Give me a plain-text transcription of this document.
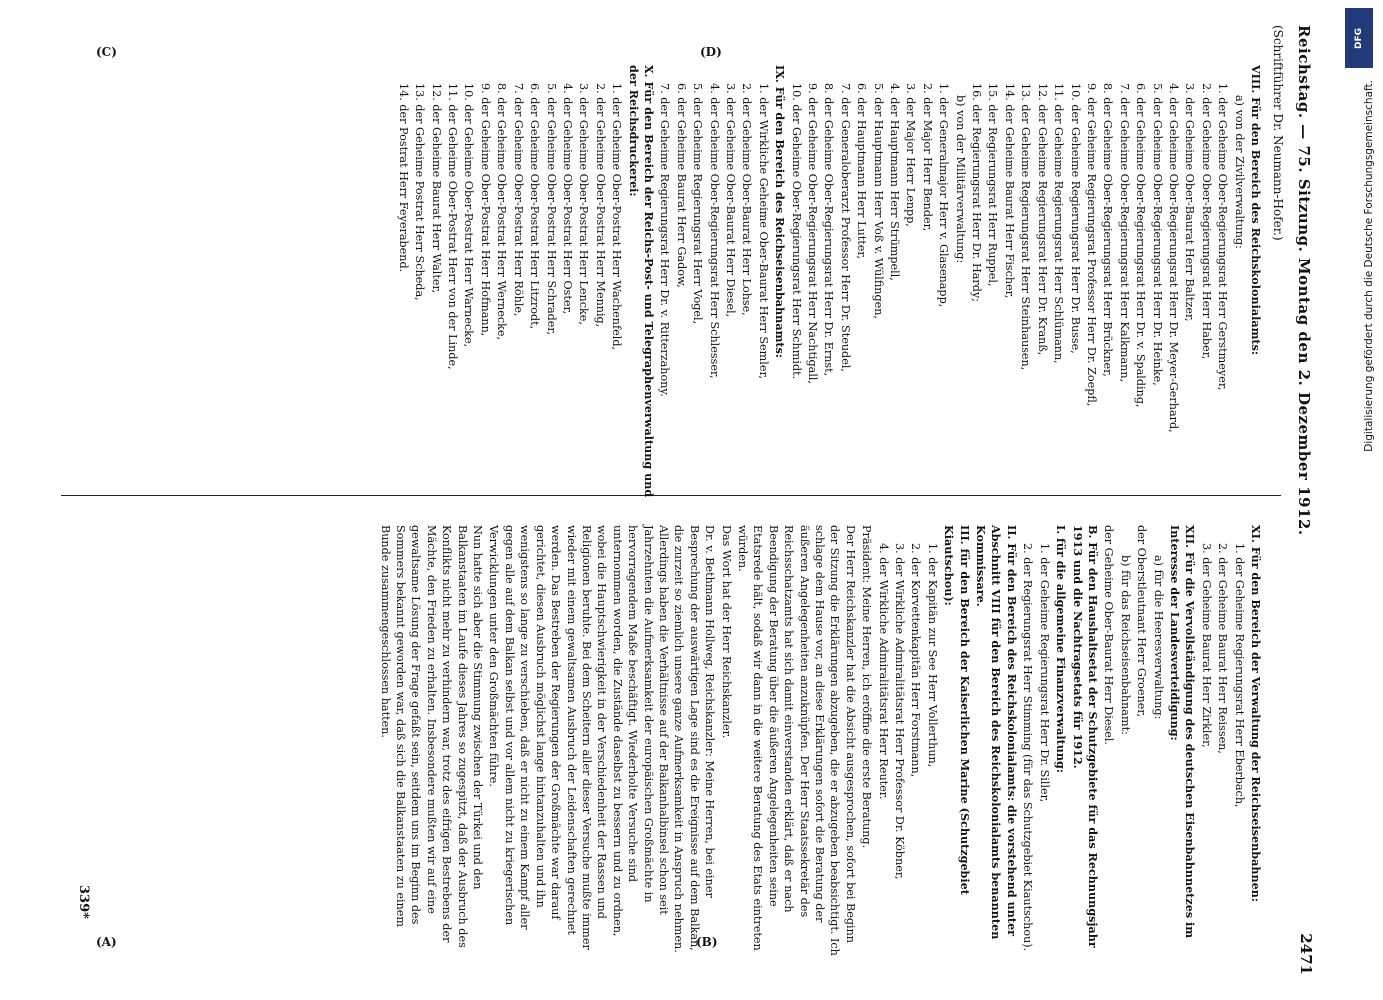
Reichstag. — 75. Sitzung. Montag den 2. Dezember 1912.
2471
(Schriftführer Dr. Neumann-Hofer.)

VIII. Für den Bereich des Reichskolonialamts:

a) von der Zivilverwaltung:

1. der Geheime Ober-Regierungsrat Herr Gerstmeyer,

2. der Geheime Ober-Regierungsrat Herr Haber,

3. der Geheime Ober-Baurat Herr Baltzer,

4. der Geheime Ober-Regierungsrat Herr Dr. Meyer-Gerhard,

5. der Geheime Ober-Regierungsrat Herr Dr. Heinke,

6. der Geheime Ober-Regierungsrat Herr Dr. v. Spalding,

7. der Geheime Ober-Regierungsrat Herr Kalkmann,

8. der Geheime Ober-Regierungsrat Herr Brückner,

9. der Geheime Regierungsrat Professor Herr Dr. Zoepfl,

10. der Geheime Regierungsrat Herr Dr. Busse,

11. der Geheime Regierungsrat Herr Schlümann,

12. der Geheime Regierungsrat Herr Dr. Kranß,

13. der Geheime Regierungsrat Herr Steinhausen,

14. der Geheime Baurat Herr Fischer,

15. der Regierungsrat Herr Ruppel,

16. der Regierungsrat Herr Dr. Hardy;

b) von der Militärverwaltung:

1. der Generalmajor Herr v. Glasenapp,

2. der Major Herr Bender,

3. der Major Herr Lenpp,

4. der Hauptmann Herr Strümpell,

5. der Hauptmann Herr Voß v. Wülfingen,

6. der Hauptmann Herr Lutter,

7. der Generaloberarzt Professor Herr Dr. Steudel,

8. der Geheime Ober-Regierungsrat Herr Dr. Ernst,

9. der Geheime Ober-Regierungsrat Herr Nachtigall,

10. der Geheime Ober-Regierungsrat Herr Schmidt.

IX. Für den Bereich des Reichseisenbahnamts:

1. der Wirkliche Geheime Ober-Baurat Herr Semler,

2. der Geheime Ober-Baurat Herr Lohse,

3. der Geheime Ober-Baurat Herr Diesel,

4. der Geheime Ober-Regierungsrat Herr Schlesser,

5. der Geheime Regierungsrat Herr Vogel,

6. der Geheime Baurat Herr Gadow,

7. der Geheime Regierungsrat Herr Dr. v. Ritterzahony.

X. Für den Bereich der Reichs-Post- und Telegraphenverwaltung und der Reichsdruckerei:

1. der Geheime Ober-Postrat Herr Wachenfeld,

2. der Geheime Ober-Postrat Herr Mennig,

3. der Geheime Ober-Postrat Herr Lencke,

4. der Geheime Ober-Postrat Herr Oster,

5. der Geheime Ober-Postrat Herr Schrader,

6. der Geheime Ober-Postrat Herr Litzrodt,

7. der Geheime Ober-Postrat Herr Röhle,

8. der Geheime Ober-Postrat Herr Wernecke,

9. der Geheime Ober-Postrat Herr Hofmann,

10. der Geheime Ober-Postrat Herr Warnecke,

11. der Geheime Ober-Postrat Herr von der Linde,

12. der Geheime Baurat Herr Walter,

13. der Geheime Postrat Herr Scheda,

14. der Postrat Herr Feyerabend.

XI. Für den Bereich der Verwaltung der Reichseisenbahnen:

1. der Geheime Regierungsrat Herr Eberbach,

2. der Geheime Baurat Herr Reissen,

3. der Geheime Baurat Herr Zirkler,

XII. Für die Vervollständigung des deutschen Eisenbahnnetzes im Interesse der Landesverteidigung:

a) für die Heeresverwaltung:

der Oberstleutnant Herr Groener,

b) für das Reichseisenbahnamt:

der Geheime Ober-Baurat Herr Diesel.

B. Für den Haushaltsetat der Schutzgebiete für das Rechnungsjahr 1913 und die Nachtragsetats für 1912.

I. für die allgemeine Finanzverwaltung:

1. der Geheime Regierungsrat Herr Dr. Siller,

2. der Regierungsrat Herr Stimming (für das Schutzgebiet Kiautschou).

II. Für den Bereich des Reichskolonialamts: die vorstehend unter Abschnitt VIII für den Bereich des Reichskolonialamts benannten Kommissare.

III. für den Bereich der Kaiserlichen Marine (Schutzgebiet Kiautschou):

1. der Kapitän zur See Herr Vollerthun,

2. der Korvettenkapitän Herr Forstmann,

3. der Wirkliche Admiralitätsrat Herr Professor Dr. Köbner,

4. der Wirkliche Admiralitätsrat Herr Reuter.

Präsident: Meine Herren, ich eröffne die erste Beratung.

Der Herr Reichskanzler hat die Absicht ausgesprochen, sofort bei Beginn der Sitzung die Erklärungen abzugeben, die er abzugeben beabsichtigt. Ich schlage dem Hause vor, an diese Erklärungen sofort die Beratung der äußeren Angelegenheiten anzuknüpfen. Der Herr Staatssekretär des Reichsschatzamts hat sich damit einverstanden erklärt, daß er nach Beendigung der Beratung über die äußeren Angelegenheiten seine Etatsrede hält, sodaß wir dann in die weitere Beratung des Etats eintreten würden.

Das Wort hat der Herr Reichskanzler.

Dr. v. Bethmann Hollweg, Reichskanzler: Meine Herren, bei einer Besprechung der auswärtigen Lage sind es die Ereignisse auf dem Balkan, die zurzeit so ziemlich unsere ganze Aufmerksamkeit in Anspruch nehmen. Allerdings haben die Verhältnisse auf der Balkanhalbinsel schon seit Jahrzehnten die Aufmerksamkeit der europäischen Großmächte in hervorragendem Maße beschäftigt. Wiederholte Versuche sind unternommen worden, die Zustände daselbst zu bessern und zu ordnen, wobei die Hauptschwierigkeit in der Verschiedenheit der Rassen und Religionen beruhte. Bei dem Scheitern aller dieser Versuche mußte immer wieder mit einem gewaltsamen Ausbruch der Leidenschaften gerechnet werden. Das Bestreben der Regierungen der Großmächte war darauf gerichtet, diesen Ausbruch möglichst lange hintanzuhalten und ihn wenigstens so lange zu verschieben, daß er nicht zu einem Kampf aller gegen alle auf dem Balkan selbst und vor allem nicht zu kriegerischen Verwicklungen unter den Großmächten führe.

Nun hatte sich aber die Stimmung zwischen der Türkei und den Balkanstaaten im Laufe dieses Jahres so zugespitzt, daß der Ausbruch des Konflikts nicht mehr zu verhindern war, trotz des eifrigen Bestrebens der Mächte, den Frieden zu erhalten. Insbesondere mußten wir auf eine gewaltsame Lösung der Frage gefaßt sein, seitdem uns im Beginn des Sommers bekannt geworden war, daß sich die Balkanstaaten zu einem Bunde zusammengeschlossen hatten.

339*
(A)	(B)
(C)	(D)
DFG
Digitalisierung gefördert durch die Deutsche Forschungsgemeinschaft.
